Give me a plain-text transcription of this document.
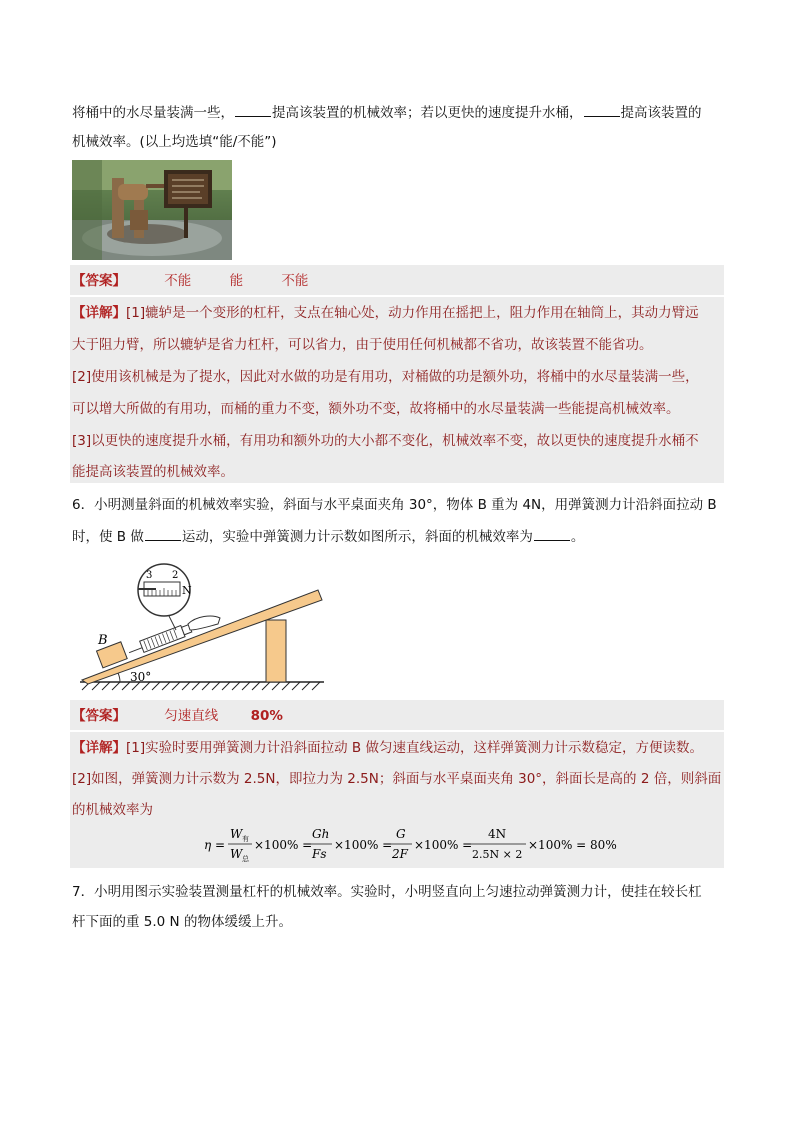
将桶中的水尽量装满一些，	提高该装置的机械效率；若以更快的速度提升水桶，	提高该装置的
机械效率。(以上均选填“能/不能”)
【答案】	不能	能	不能
【详解】[1]辘轳是一个变形的杠杆，支点在轴心处，动力作用在摇把上，阻力作用在轴筒上，其动力臂远
大于阻力臂，所以辘轳是省力杠杆，可以省力，由于使用任何机械都不省功，故该装置不能省功。
[2]使用该机械是为了提水，因此对水做的功是有用功，对桶做的功是额外功，将桶中的水尽量装满一些，
可以增大所做的有用功，而桶的重力不变，额外功不变，故将桶中的水尽量装满一些能提高机械效率。
[3]以更快的速度提升水桶，有用功和额外功的大小都不变化，机械效率不变，故以更快的速度提升水桶不
能提高该装置的机械效率。
6．小明测量斜面的机械效率实验，斜面与水平桌面夹角 30°，物体 B 重为 4N，用弹簧测力计沿斜面拉动 B
时，使 B 做	运动，实验中弹簧测力计示数如图所示，斜面的机械效率为	。
3 2
N
B
30°
【答案】	匀速直线 80%
【详解】[1]实验时要用弹簧测力计沿斜面拉动 B 做匀速直线运动，这样弹簧测力计示数稳定，方便读数。
[2]如图，弹簧测力计示数为 2.5N，即拉力为 2.5N；斜面与水平桌面夹角 30°，斜面长是高的 2 倍，则斜面
的机械效率为
η =
W 有
W 总
×100% =
Gh
Fs
×100% =
G
2F
×100% =
4N
2.5N × 2
×100% = 80%
7．小明用图示实验装置测量杠杆的机械效率。实验时，小明竖直向上匀速拉动弹簧测力计，使挂在较长杠
杆下面的重 5.0 N 的物体缓缓上升。
